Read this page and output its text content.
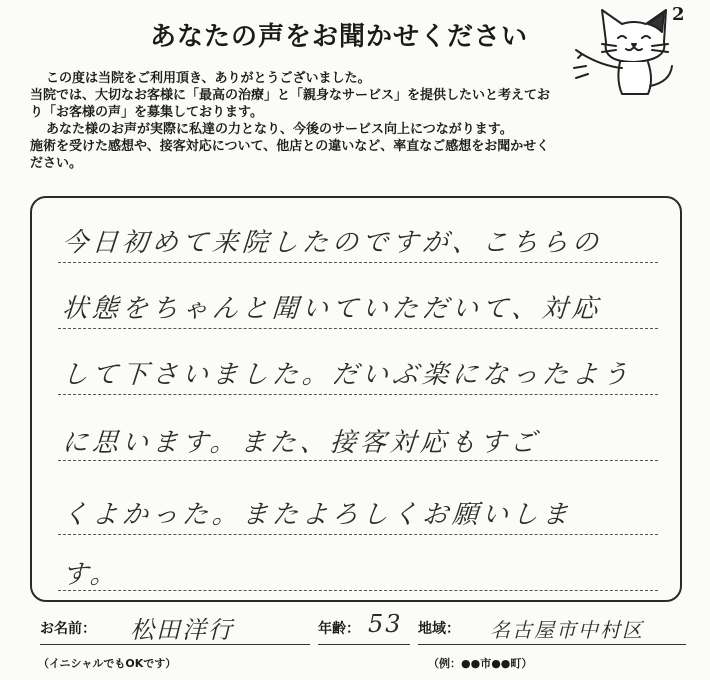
2
あなたの声をお聞かせください

この度は当院をご利用頂き、ありがとうございました。

当院では、大切なお客様に「最高の治療」と「親身なサービス」を提供したいと考えてお

り「お客様の声」を募集しております。

あなた様のお声が実際に私達の力となり、今後のサービス向上につながります。

施術を受けた感想や、接客対応について、他店との違いなど、率直なご感想をお聞かせく

ださい。

今日初めて来院したのですが、こちらの
状態をちゃんと聞いていただいて、対応
して下さいました。だいぶ楽になったよう
に思います。また、接客対応もすご
くよかった。またよろしくお願いしま
す。
お名前： 松田洋行	年齢： 53 地域： 名古屋市中村区
（イニシャルでもOKです）	（例：●●市●●町）
